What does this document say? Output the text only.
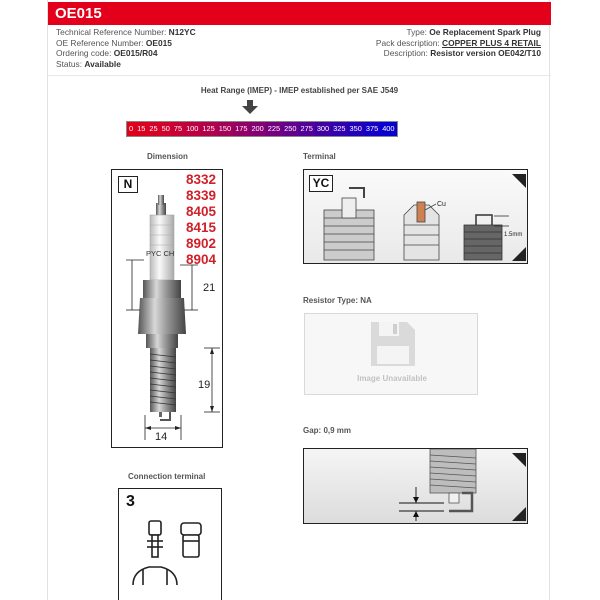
OE015
Technical Reference Number: N12YC
OE Reference Number: OE015
Ordering code: OE015/R04
Status: Available
Type: Oe Replacement Spark Plug
Pack description: COPPER PLUS 4 RETAIL
Description: Resistor version OE042/T10
Heat Range (IMEP) - IMEP established per SAE J549
0 15 25 50 75 100 125 150 175 200 225 250 275 300 325 350 375 400
Dimension
N	8332
8339
8405
8415
8902
8904
PYC CH
21
19
14
Terminal
YC
Cu
1.5mm
Resistor Type: NA
Image Unavailable
Gap: 0,9 mm
Connection terminal
3
